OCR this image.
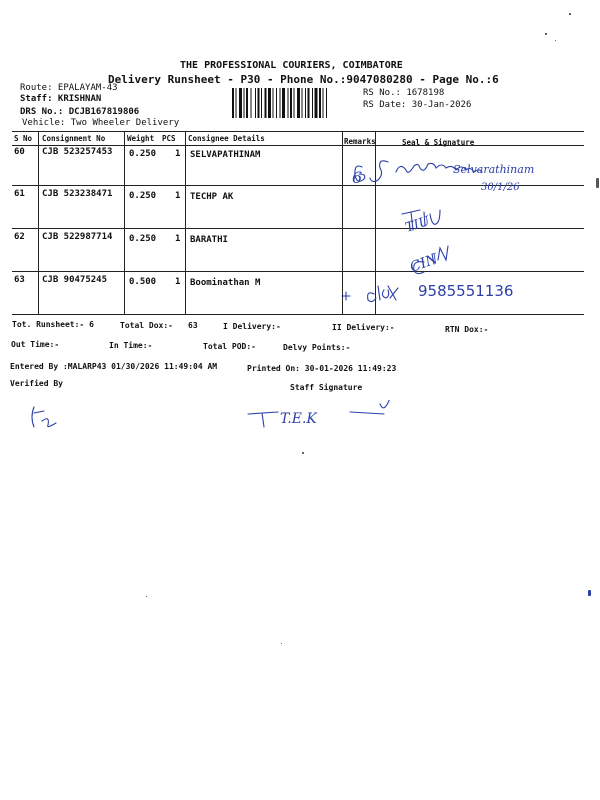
THE PROFESSIONAL COURIERS, COIMBATORE
Delivery Runsheet - P30 - Phone No.:9047080280 - Page No.:6
Route: EPALAYAM-43
Staff: KRISHNAN
DRS No.: DCJB167819806
Vehicle: Two Wheeler Delivery
RS No.: 1678198
RS Date: 30-Jan-2026
S No Consignment No	Weight PCS Consignee Details	Remarks	Seal & Signature
60 CJB 523257453 0.250 1 SELVAPATHINAM
61 CJB 523238471 0.250 1 TECHP AK
62 CJB 522987714 0.250 1 BARATHI
63 CJB 90475245 0.500 1 Boominathan M
Selvarathinam
30/1/26
6
TIU
CIN
9585551136
Tot. Runsheet:- 6	Total Dox:- 63	I Delivery:-	II Delivery:-	RTN Dox:-
Out Time:-	In Time:-	Total POD:-	Delvy Points:-
Entered By :MALARP43 01/30/2026 11:49:04 AM	Printed On: 30-01-2026 11:49:23
Verified By	Staff Signature
T.E.K
